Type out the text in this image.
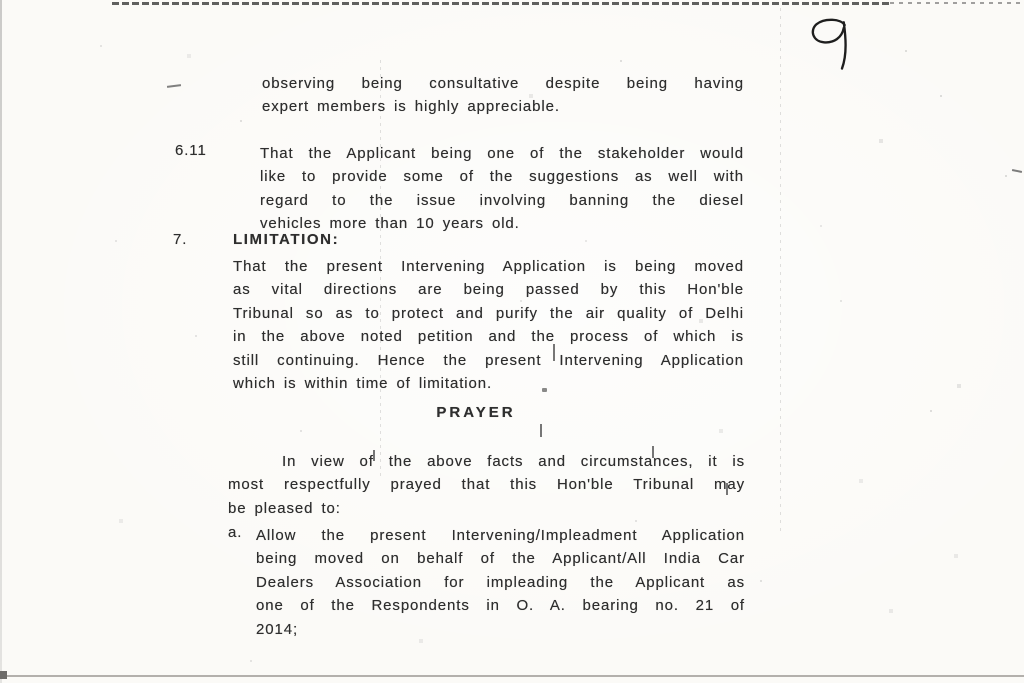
observing being consultative despite being having
expert members is highly appreciable.
6.11	That the Applicant being one of the stakeholder would
like to provide some of the suggestions as well with
regard to the issue involving banning the diesel
vehicles more than 10 years old.
7.	LIMITATION:
That the present Intervening Application is being moved
as vital directions are being passed by this Hon'ble
Tribunal so as to protect and purify the air quality of Delhi
in the above noted petition and the process of which is
still continuing. Hence the present Intervening Application
which is within time of limitation.
PRAYER
In view of the above facts and circumstances, it is
most respectfully prayed that this Hon'ble Tribunal may
be pleased to:
a. Allow the present Intervening/Impleadment Application
being moved on behalf of the Applicant/All India Car
Dealers Association for impleading the Applicant as
one of the Respondents in O. A. bearing no. 21 of
2014;
